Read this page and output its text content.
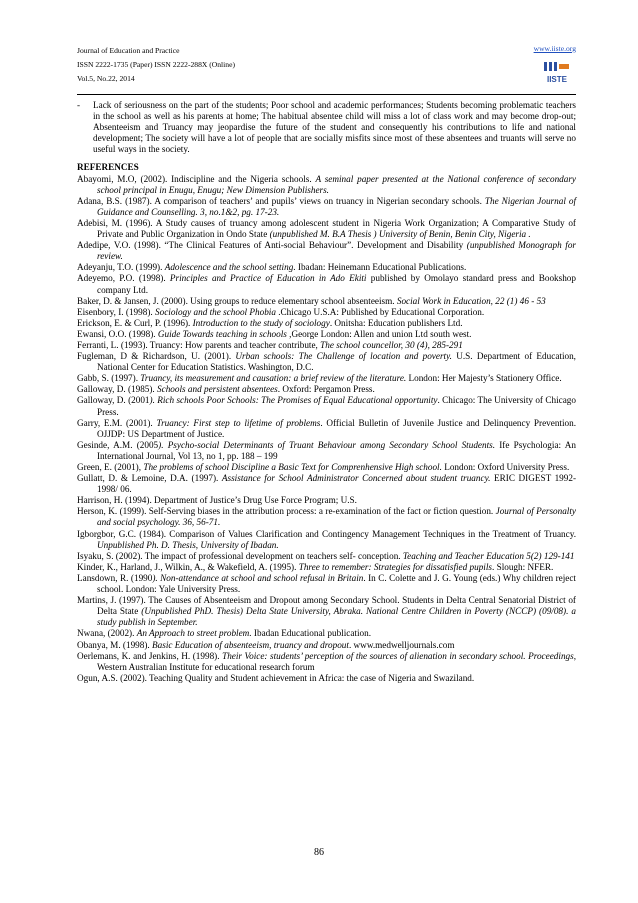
Journal of Education and Practice
ISSN 2222-1735 (Paper) ISSN 2222-288X (Online)
Vol.5, No.22, 2014
www.iiste.org
IISTE
- Lack of seriousness on the part of the students; Poor school and academic performances; Students becoming problematic teachers in the school as well as his parents at home; The habitual absentee child will miss a lot of class work and may become drop-out; Absenteeism and Truancy may jeopardise the future of the student and consequently his contributions to life and national development; The society will have a lot of people that are socially misfits since most of these absentees and truants will serve no useful ways in the society.
REFERENCES
Abayomi, M.O, (2002). Indiscipline and the Nigeria schools. A seminal paper presented at the National conference of secondary school principal in Enugu, Enugu; New Dimension Publishers.
Adana, B.S. (1987). A comparison of teachers’ and pupils’ views on truancy in Nigerian secondary schools. The Nigerian Journal of Guidance and Counselling. 3, no.1&2, pg. 17-23.
Adebisi, M. (1996). A Study causes of truancy among adolescent student in Nigeria Work Organization; A Comparative Study of Private and Public Organization in Ondo State (unpublished M. B.A Thesis ) University of Benin, Benin City, Nigeria .
Adedipe, V.O. (1998). “The Clinical Features of Anti-social Behaviour”. Development and Disability (unpublished Monograph for review.
Adeyanju, T.O. (1999). Adolescence and the school setting. Ibadan: Heinemann Educational Publications.
Adeyemo, P.O. (1998). Principles and Practice of Education in Ado Ekiti published by Omolayo standard press and Bookshop company Ltd.
Baker, D. & Jansen, J. (2000). Using groups to reduce elementary school absenteeism. Social Work in Education, 22 (1) 46 - 53
Eisenbory, I. (1998). Sociology and the school Phobia .Chicago U.S.A: Published by Educational Corporation.
Erickson, E. & Curl, P. (1996). Introduction to the study of sociology. Onitsha: Education publishers Ltd.
Ewansi, O.O. (1998). Guide Towards teaching in schools ,George London: Allen and union Ltd south west.
Ferranti, L. (1993). Truancy: How parents and teacher contribute, The school councellor, 30 (4), 285-291
Fugleman, D & Richardson, U. (2001). Urban schools: The Challenge of location and poverty. U.S. Department of Education, National Center for Education Statistics. Washington, D.C.
Gabb, S. (1997). Truancy, its measurement and causation: a brief review of the literature. London: Her Majesty’s Stationery Office.
Galloway, D. (1985). Schools and persistent absentees. Oxford: Pergamon Press.
Galloway, D. (2001). Rich schools Poor Schools: The Promises of Equal Educational opportunity. Chicago: The University of Chicago Press.
Garry, E.M. (2001). Truancy: First step to lifetime of problems. Official Bulletin of Juvenile Justice and Delinquency Prevention. OJJDP: US Department of Justice.
Gesinde, A.M. (2005). Psycho-social Determinants of Truant Behaviour among Secondary School Students. Ife Psychologia: An International Journal, Vol 13, no 1, pp. 188 – 199
Green, E. (2001), The problems of school Discipline a Basic Text for Comprenhensive High school. London: Oxford University Press.
Gullatt, D. & Lemoine, D.A. (1997). Assistance for School Administrator Concerned about student truancy. ERIC DIGEST 1992-1998/ 06.
Harrison, H. (1994). Department of Justice’s Drug Use Force Program; U.S.
Herson, K. (1999). Self-Serving biases in the attribution process: a re-examination of the fact or fiction question. Journal of Personalty and social psychology. 36, 56-71.
Igborgbor, G.C. (1984). Comparison of Values Clarification and Contingency Management Techniques in the Treatment of Truancy. Unpublished Ph. D. Thesis, University of Ibadan.
Isyaku, S. (2002). The impact of professional development on teachers self- conception. Teaching and Teacher Education 5(2) 129-141
Kinder, K., Harland, J., Wilkin, A., & Wakefield, A. (1995). Three to remember: Strategies for dissatisfied pupils. Slough: NFER.
Lansdown, R. (1990). Non-attendance at school and school refusal in Britain. In C. Colette and J. G. Young (eds.) Why children reject school. London: Yale University Press.
Martins, J. (1997). The Causes of Absenteeism and Dropout among Secondary School. Students in Delta Central Senatorial District of Delta State (Unpublished PhD. Thesis) Delta State University, Abraka. National Centre Children in Poverty (NCCP) (09/08). a study publish in September.
Nwana, (2002). An Approach to street problem. Ibadan Educational publication.
Obanya, M. (1998). Basic Education of absenteeism, truancy and dropout. www.medwelljournals.com
Oerlemans, K. and Jenkins, H. (1998). Their Voice: students’ perception of the sources of alienation in secondary school. Proceedings, Western Australian Institute for educational research forum
Ogun, A.S. (2002). Teaching Quality and Student achievement in Africa: the case of Nigeria and Swaziland.
86
